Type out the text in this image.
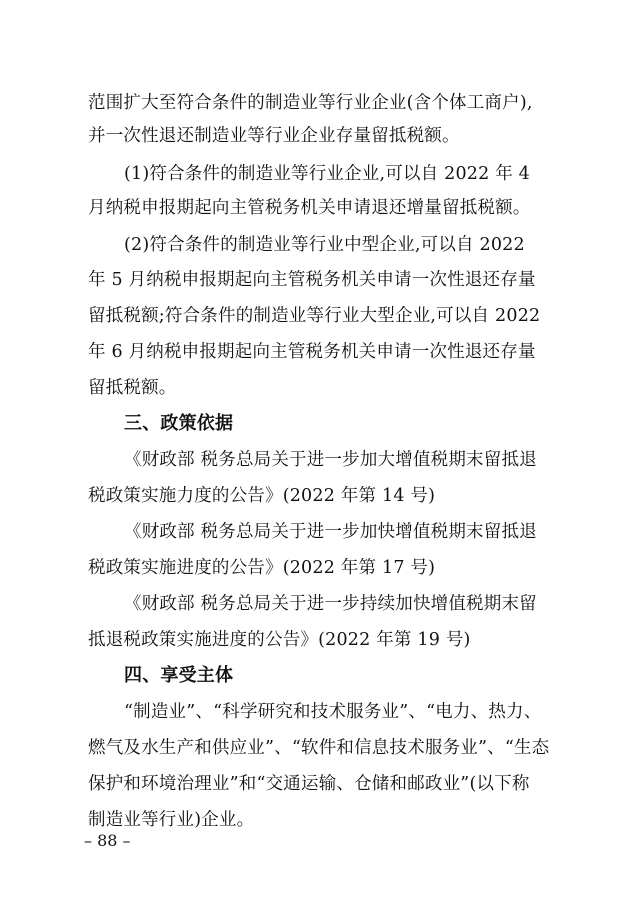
范围扩大至符合条件的制造业等行业企业(含个体工商户),
并一次性退还制造业等行业企业存量留抵税额。
(1)符合条件的制造业等行业企业,可以自 2022 年 4
月纳税申报期起向主管税务机关申请退还增量留抵税额。
(2)符合条件的制造业等行业中型企业,可以自 2022
年 5 月纳税申报期起向主管税务机关申请一次性退还存量
留抵税额;符合条件的制造业等行业大型企业,可以自 2022
年 6 月纳税申报期起向主管税务机关申请一次性退还存量
留抵税额。
三、政策依据
《财政部 税务总局关于进一步加大增值税期末留抵退
税政策实施力度的公告》(2022 年第 14 号)
《财政部 税务总局关于进一步加快增值税期末留抵退
税政策实施进度的公告》(2022 年第 17 号)
《财政部 税务总局关于进一步持续加快增值税期末留
抵退税政策实施进度的公告》(2022 年第 19 号)
四、享受主体
“制造业”、“科学研究和技术服务业”、“电力、热力、
燃气及水生产和供应业”、“软件和信息技术服务业”、“生态
保护和环境治理业”和“交通运输、仓储和邮政业”(以下称
制造业等行业)企业。
– 88 –
